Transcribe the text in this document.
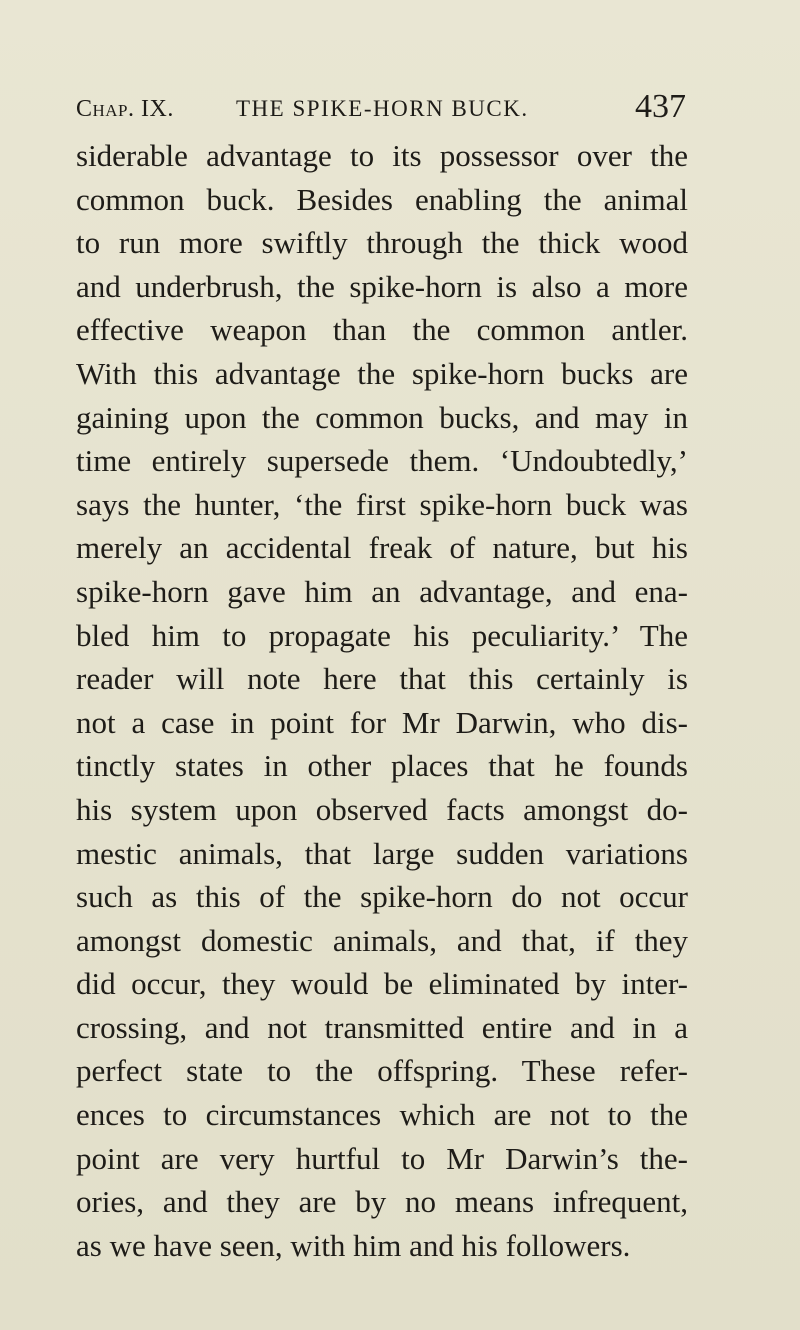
Chap. IX.	THE SPIKE-HORN BUCK.	437
siderable advantage to its possessor over the
common buck. Besides enabling the animal
to run more swiftly through the thick wood
and underbrush, the spike-horn is also a more
effective weapon than the common antler.
With this advantage the spike-horn bucks are
gaining upon the common bucks, and may in
time entirely supersede them. ‘Undoubtedly,’
says the hunter, ‘the first spike-horn buck was
merely an accidental freak of nature, but his
spike-horn gave him an advantage, and ena-
bled him to propagate his peculiarity.’ The
reader will note here that this certainly is
not a case in point for Mr Darwin, who dis-
tinctly states in other places that he founds
his system upon observed facts amongst do-
mestic animals, that large sudden variations
such as this of the spike-horn do not occur
amongst domestic animals, and that, if they
did occur, they would be eliminated by inter-
crossing, and not transmitted entire and in a
perfect state to the offspring. These refer-
ences to circumstances which are not to the
point are very hurtful to Mr Darwin’s the-
ories, and they are by no means infrequent,
as we have seen, with him and his followers.
